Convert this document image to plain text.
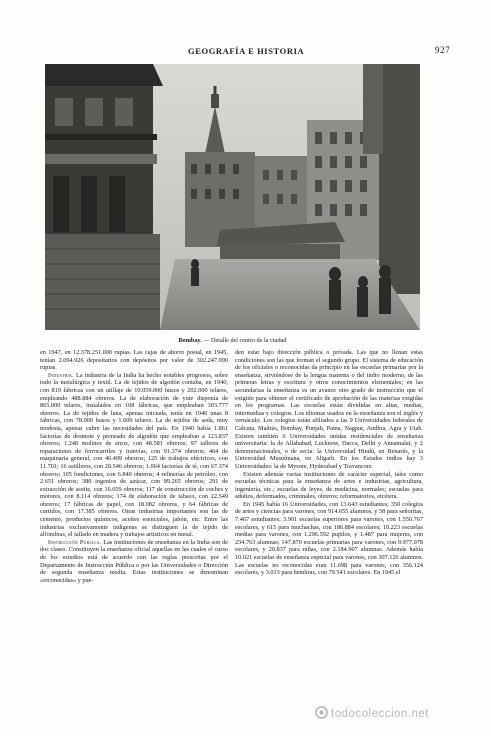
GEOGRAFÍA E HISTORIA	927
Bombay. — Detalle del centro de la ciudad

en 1947, en 12.378.251.000 rupias. Las cajas de ahorro postal, en 1945, tenían 2.094.926 depositarios con depósitos por valor de 302.247.000 rupias.

Industria. La industria de la India ha hecho notables progresos, sobre todo la metalúrgica y textil. La de tejidos de algodón contaba, en 1940, con 819 fábricas con un utillaje de 10.059.000 husos y 202.000 telares, empleando 488.884 obreros. La de elaboración de yute disponía de 865.000 telares, instalados en 108 fábricas, que empleaban 303.777 obreros. La de tejidos de lana, apenas iniciada, tenía en 1940 unas 8 fábricas, con 78.000 husos y 1.600 telares. La de tejidos de seda, muy modesta, apenas cubre las necesidades del país. En 1940 había 1.861 factorías de desmote y prensado de algodón que empleaban a 123.837 obreros; 1.248 molinos de arroz, con 48.581 obreros; 97 talleres de reparaciones de ferrocarriles y tranvías, con 91.374 obreros; 464 de maquinaria general, con 46.499 obreros; 125 de trabajos eléctricos, con 11.701; 16 astilleros, con 20.546 obreros; 1.064 factorías de té, con 67.374 obreros; 105 fundiciones, con 6.840 obreros; 4 refinerías de petróleo, con 2.651 obreros; 380 ingenios de azúcar, con 89.265 obreros; 291 de extracción de aceite, con 16.659 obreros; 117 de construcción de coches y motores, con 8.114 obreros; 174 de elaboración de tabaco, con 22.549 obreros; 17 fábricas de papel, con 18.082 obreros, y 64 fábricas de curtidos, con 17.385 obreros. Otras industrias importantes son las de cemento, productos químicos, aceites esenciales, jabón, etc. Entre las industrias exclusivamente indígenas se distinguen la de tejido de alfombras, el tallado en madera y trabajos artísticos en metal.

Instrucción Pública. Las instituciones de enseñanza en la India son de dos clases. Constituyen la enseñanza oficial aquellas en las cuales el curso de los estudios está de acuerdo con las reglas prescritas por el Departamento de Instrucción Pública o por las Universidades o Dirección de segunda enseñanza media. Estas instituciones se denominan «reconocidas» y pue-

den estar bajo dirección pública o privada. Las que no llenan estas condiciones son las que forman el segundo grupo. El sistema de educación de los oficiales o reconocidas da principio en las escuelas primarias por la enseñanza, sirviéndose de la lengua materna o del indio moderno, de las primeras letras y escritura y otros conocimientos elementales; en las secundarias la enseñanza es un avance otro grado de instrucción que el exigido para obtener el certificado de aprobación de las materias exigidas en los programas. Las escuelas están divididas en altas, medias, intermedias y colegios. Los idiomas usados en la enseñanza son el inglés y vernáculo. Los colegios están afiliados a las 9 Universidades federales de Calcuta, Madrás, Bombay, Punjab, Patna, Nagpur, Andhra, Agra y Utah. Existen también 6 Universidades unidas residenciales de enseñanza universitaria: la de Allahabad, Lucknow, Dacca, Delhi y Annamalai, y 2 denominacionales, o de secta: la Universidad Hindú, en Benarés, y la Universidad Musulmana, en Aligarh. En los Estados indios hay 3 Universidades: la de Mysore, Hyderabad y Travancore.

Existen además varias instituciones de carácter especial, tales como escuelas técnicas para la enseñanza de artes e industrias, agricultura, ingeniería, etc.; escuelas de leyes, de medicina, normales; escuelas para adultos, deformados, criminales, obreros; reformatorios, etcétera.

En 1945 había 16 Universidades, con 13.643 estudiantes; 350 colegios de artes y ciencias para varones, con 914.655 alumnos, y 58 para señoritas, 7.467 estudiantes; 3.901 escuelas superiores para varones, con 1.550.767 escolares, y 615 para muchachas, con 186.884 escolares; 10.223 escuelas medias para varones, con 1.296.592 pupilos, y 1.487 para mujeres, con 234.763 alumnas; 147.870 escuelas primarias para varones, con 9.977.078 escolares, y 20.837 para niñas, con 2.184.907 alumnas. Además había 10.021 escuelas de enseñanza especial para varones, con 307.126 alumnos. Las escuelas no reconocidas eran 11.698 para varones, con 356.124 escolares, y 3.013 para hembras, con 79.541 escolares. En 1945 el

todocoleccion.net
